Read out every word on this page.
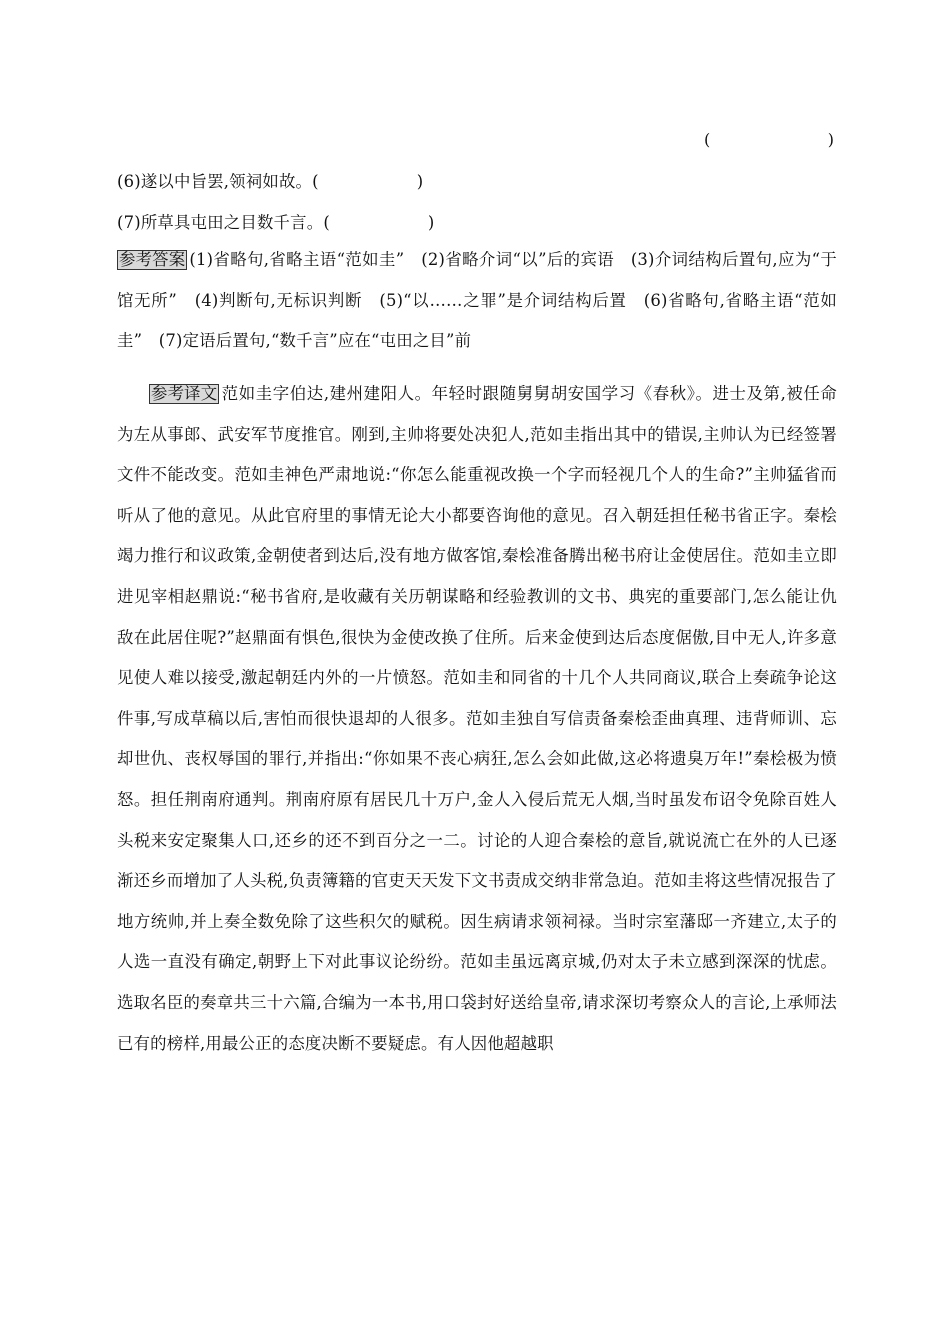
(	)
(6)遂以中旨罢,领祠如故。(	)
(7)所草具屯田之目数千言。(	)
参考答案 (1)省略句,省略主语“范如圭”　(2)省略介词“以”后的宾语　(3)介词结构后置句,应为“于馆无所”　(4)判断句,无标识判断　(5)“以……之罪”是介词结构后置　(6)省略句,省略主语“范如圭”　(7)定语后置句,“数千言”应在“屯田之目”前
参考译文 范如圭字伯达,建州建阳人。年轻时跟随舅舅胡安国学习《春秋》。进士及第,被任命为左从事郎、武安军节度推官。刚到,主帅将要处决犯人,范如圭指出其中的错误,主帅认为已经签署文件不能改变。范如圭神色严肃地说:“你怎么能重视改换一个字而轻视几个人的生命?”主帅猛省而听从了他的意见。从此官府里的事情无论大小都要咨询他的意见。召入朝廷担任秘书省正字。秦桧竭力推行和议政策,金朝使者到达后,没有地方做客馆,秦桧准备腾出秘书府让金使居住。范如圭立即进见宰相赵鼎说:“秘书省府,是收藏有关历朝谋略和经验教训的文书、典宪的重要部门,怎么能让仇敌在此居住呢?”赵鼎面有惧色,很快为金使改换了住所。后来金使到达后态度倨傲,目中无人,许多意见使人难以接受,激起朝廷内外的一片愤怒。范如圭和同省的十几个人共同商议,联合上奏疏争论这件事,写成草稿以后,害怕而很快退却的人很多。范如圭独自写信责备秦桧歪曲真理、违背师训、忘却世仇、丧权辱国的罪行,并指出:“你如果不丧心病狂,怎么会如此做,这必将遗臭万年!”秦桧极为愤怒。担任荆南府通判。荆南府原有居民几十万户,金人入侵后荒无人烟,当时虽发布诏令免除百姓人头税来安定聚集人口,还乡的还不到百分之一二。讨论的人迎合秦桧的意旨,就说流亡在外的人已逐渐还乡而增加了人头税,负责簿籍的官吏天天发下文书责成交纳非常急迫。范如圭将这些情况报告了地方统帅,并上奏全数免除了这些积欠的赋税。因生病请求领祠禄。当时宗室藩邸一齐建立,太子的人选一直没有确定,朝野上下对此事议论纷纷。范如圭虽远离京城,仍对太子未立感到深深的忧虑。选取名臣的奏章共三十六篇,合编为一本书,用口袋封好送给皇帝,请求深切考察众人的言论,上承师法已有的榜样,用最公正的态度决断不要疑虑。有人因他超越职
